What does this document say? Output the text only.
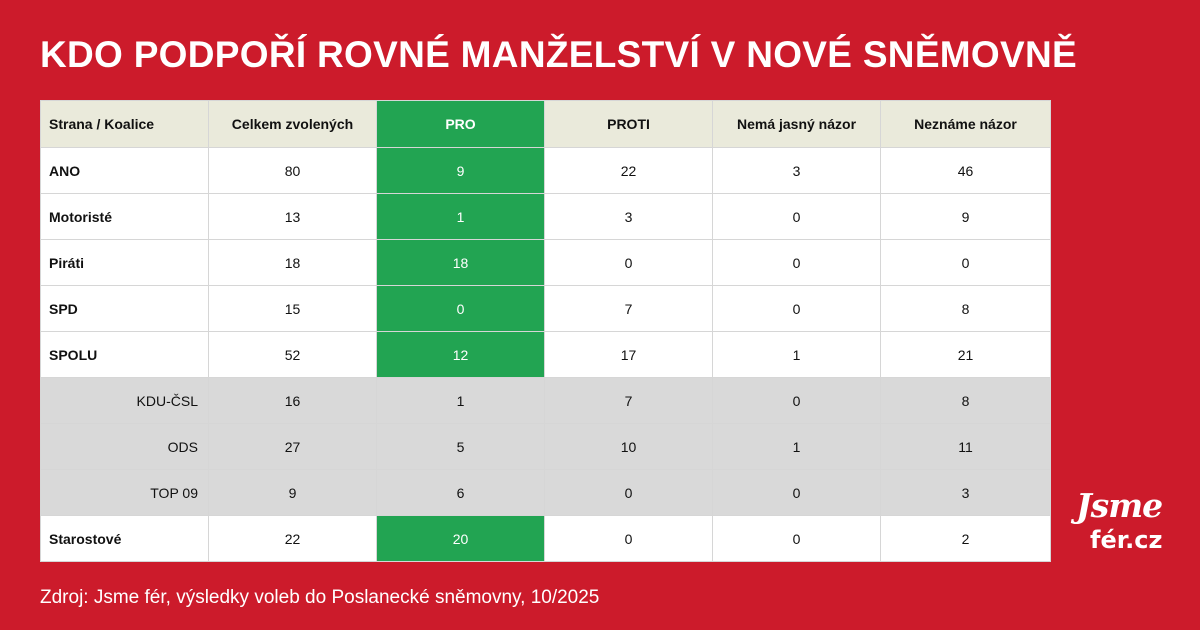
KDO PODPOŘÍ ROVNÉ MANŽELSTVÍ V NOVÉ SNĚMOVNĚ
Strana / Koalice	Celkem zvolených	PRO	PROTI	Nemá jasný názor	Neznáme názor
ANO	80	9	22	3	46
Motoristé	13	1	3	0	9
Piráti	18	18	0	0	0
SPD	15	0	7	0	8
SPOLU	52	12	17	1	21
KDU-ČSL	16	1	7	0	8
ODS	27	5	10	1	11
TOP 09	9	6	0	0	3
Starostové	22	20	0	0	2
Zdroj: Jsme fér, výsledky voleb do Poslanecké sněmovny, 10/2025
Jsme
fér.cz
